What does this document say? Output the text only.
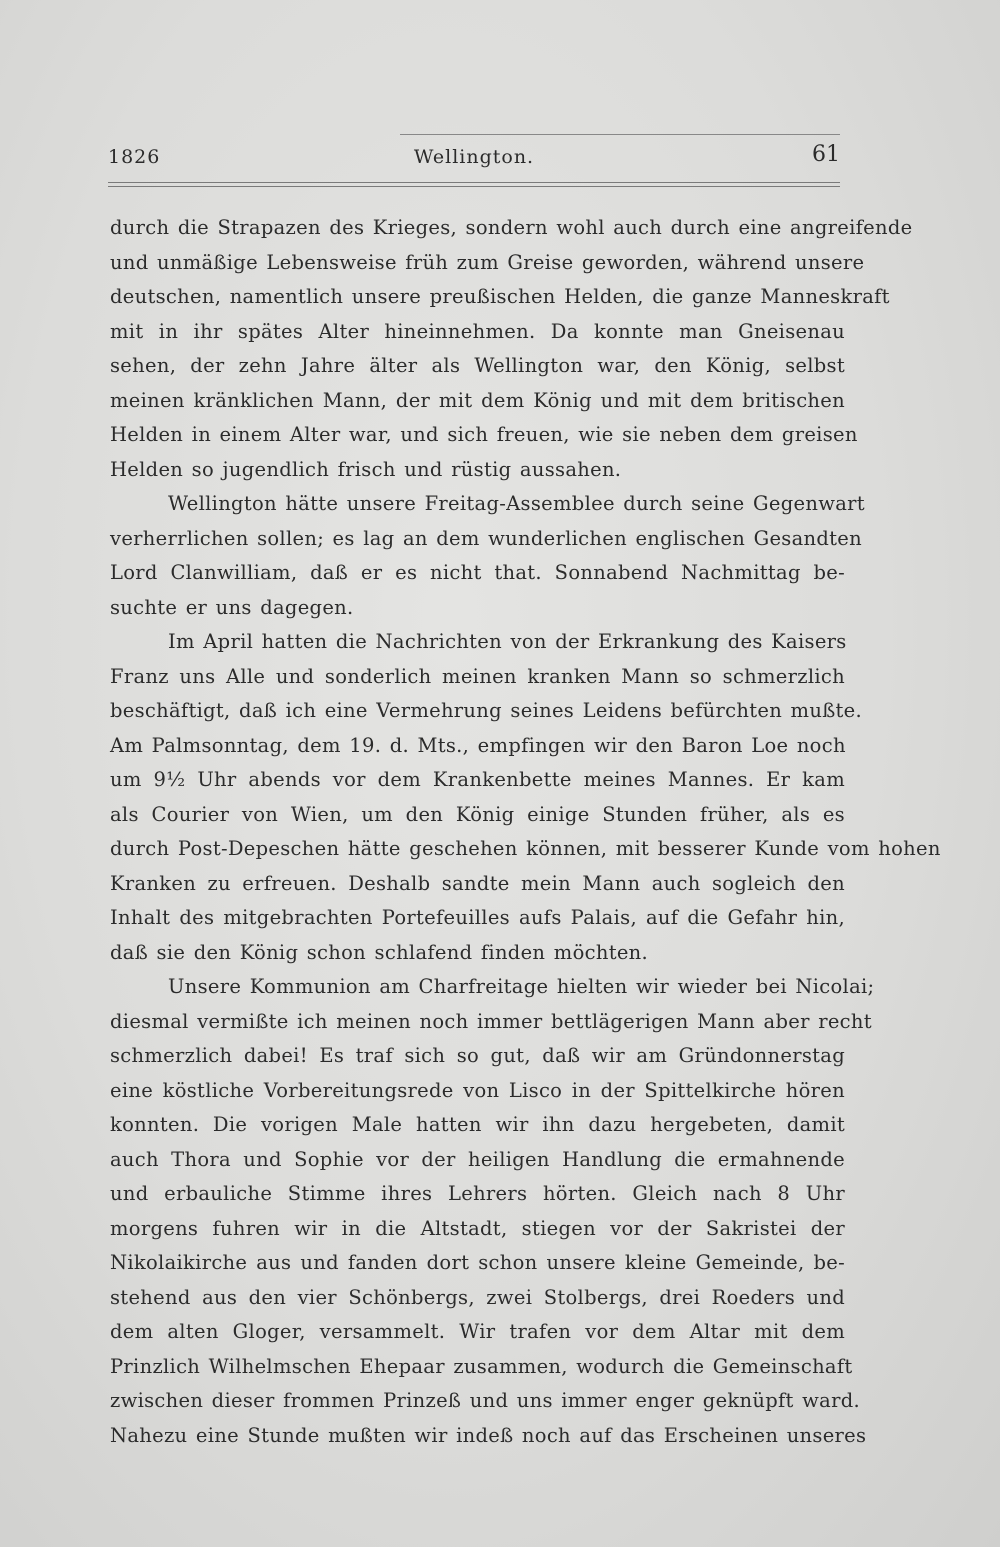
1826	Wellington.	61
durch die Strapazen des Krieges, sondern wohl auch durch eine angreifende
und unmäßige Lebensweise früh zum Greise geworden, während unsere
deutschen, namentlich unsere preußischen Helden, die ganze Manneskraft
mit in ihr spätes Alter hineinnehmen. Da konnte man Gneisenau
sehen, der zehn Jahre älter als Wellington war, den König, selbst
meinen kränklichen Mann, der mit dem König und mit dem britischen
Helden in einem Alter war, und sich freuen, wie sie neben dem greisen
Helden so jugendlich frisch und rüstig aussahen.
Wellington hätte unsere Freitag-Assemblee durch seine Gegenwart
verherrlichen sollen; es lag an dem wunderlichen englischen Gesandten
Lord Clanwilliam, daß er es nicht that. Sonnabend Nachmittag be-
suchte er uns dagegen.
Im April hatten die Nachrichten von der Erkrankung des Kaisers
Franz uns Alle und sonderlich meinen kranken Mann so schmerzlich
beschäftigt, daß ich eine Vermehrung seines Leidens befürchten mußte.
Am Palmsonntag, dem 19. d. Mts., empfingen wir den Baron Loe noch
um 9½ Uhr abends vor dem Krankenbette meines Mannes. Er kam
als Courier von Wien, um den König einige Stunden früher, als es
durch Post-Depeschen hätte geschehen können, mit besserer Kunde vom hohen
Kranken zu erfreuen. Deshalb sandte mein Mann auch sogleich den
Inhalt des mitgebrachten Portefeuilles aufs Palais, auf die Gefahr hin,
daß sie den König schon schlafend finden möchten.
Unsere Kommunion am Charfreitage hielten wir wieder bei Nicolai;
diesmal vermißte ich meinen noch immer bettlägerigen Mann aber recht
schmerzlich dabei! Es traf sich so gut, daß wir am Gründonnerstag
eine köstliche Vorbereitungsrede von Lisco in der Spittelkirche hören
konnten. Die vorigen Male hatten wir ihn dazu hergebeten, damit
auch Thora und Sophie vor der heiligen Handlung die ermahnende
und erbauliche Stimme ihres Lehrers hörten. Gleich nach 8 Uhr
morgens fuhren wir in die Altstadt, stiegen vor der Sakristei der
Nikolaikirche aus und fanden dort schon unsere kleine Gemeinde, be-
stehend aus den vier Schönbergs, zwei Stolbergs, drei Roeders und
dem alten Gloger, versammelt. Wir trafen vor dem Altar mit dem
Prinzlich Wilhelmschen Ehepaar zusammen, wodurch die Gemeinschaft
zwischen dieser frommen Prinzeß und uns immer enger geknüpft ward.
Nahezu eine Stunde mußten wir indeß noch auf das Erscheinen unseres
